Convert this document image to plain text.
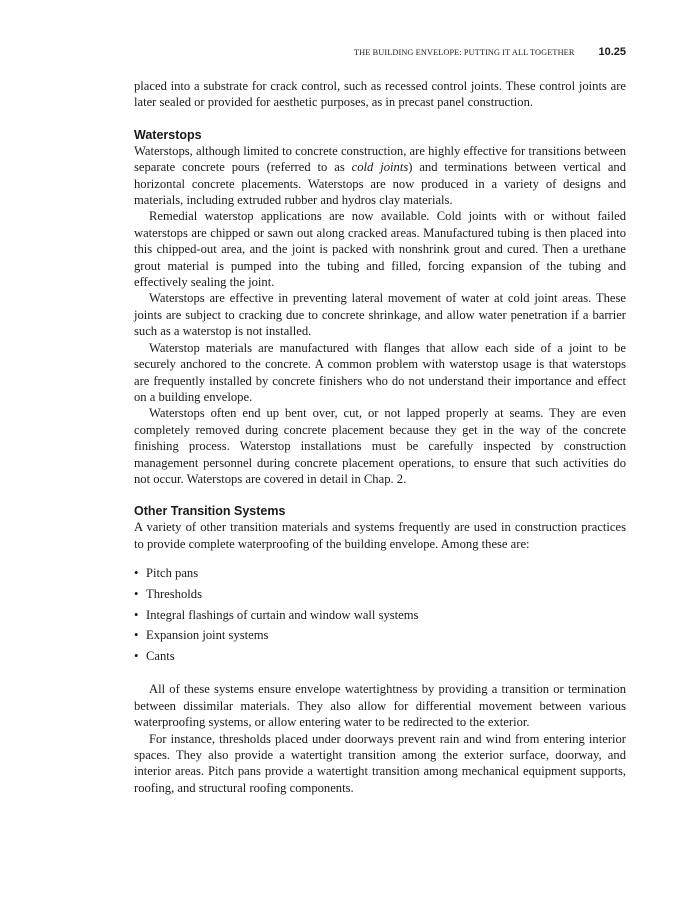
THE BUILDING ENVELOPE: PUTTING IT ALL TOGETHER 10.25

placed into a substrate for crack control, such as recessed control joints. These control joints are later sealed or provided for aesthetic purposes, as in precast panel construction.

Waterstops

Waterstops, although limited to concrete construction, are highly effective for transitions between separate concrete pours (referred to as cold joints) and terminations between vertical and horizontal concrete placements. Waterstops are now produced in a variety of designs and materials, including extruded rubber and hydros clay materials.

Remedial waterstop applications are now available. Cold joints with or without failed waterstops are chipped or sawn out along cracked areas. Manufactured tubing is then placed into this chipped-out area, and the joint is packed with nonshrink grout and cured. Then a urethane grout material is pumped into the tubing and filled, forcing expansion of the tubing and effectively sealing the joint.

Waterstops are effective in preventing lateral movement of water at cold joint areas. These joints are subject to cracking due to concrete shrinkage, and allow water penetration if a barrier such as a waterstop is not installed.

Waterstop materials are manufactured with flanges that allow each side of a joint to be securely anchored to the concrete. A common problem with waterstop usage is that waterstops are frequently installed by concrete finishers who do not understand their importance and effect on a building envelope.

Waterstops often end up bent over, cut, or not lapped properly at seams. They are even completely removed during concrete placement because they get in the way of the concrete finishing process. Waterstop installations must be carefully inspected by construction management personnel during concrete placement operations, to ensure that such activities do not occur. Waterstops are covered in detail in Chap. 2.

Other Transition Systems

A variety of other transition materials and systems frequently are used in construction practices to provide complete waterproofing of the building envelope. Among these are:

• Pitch pans
• Thresholds
• Integral flashings of curtain and window wall systems
• Expansion joint systems
• Cants

All of these systems ensure envelope watertightness by providing a transition or termination between dissimilar materials. They also allow for differential movement between various waterproofing systems, or allow entering water to be redirected to the exterior.

For instance, thresholds placed under doorways prevent rain and wind from entering interior spaces. They also provide a watertight transition among the exterior surface, doorway, and interior areas. Pitch pans provide a watertight transition among mechanical equipment supports, roofing, and structural roofing components.
